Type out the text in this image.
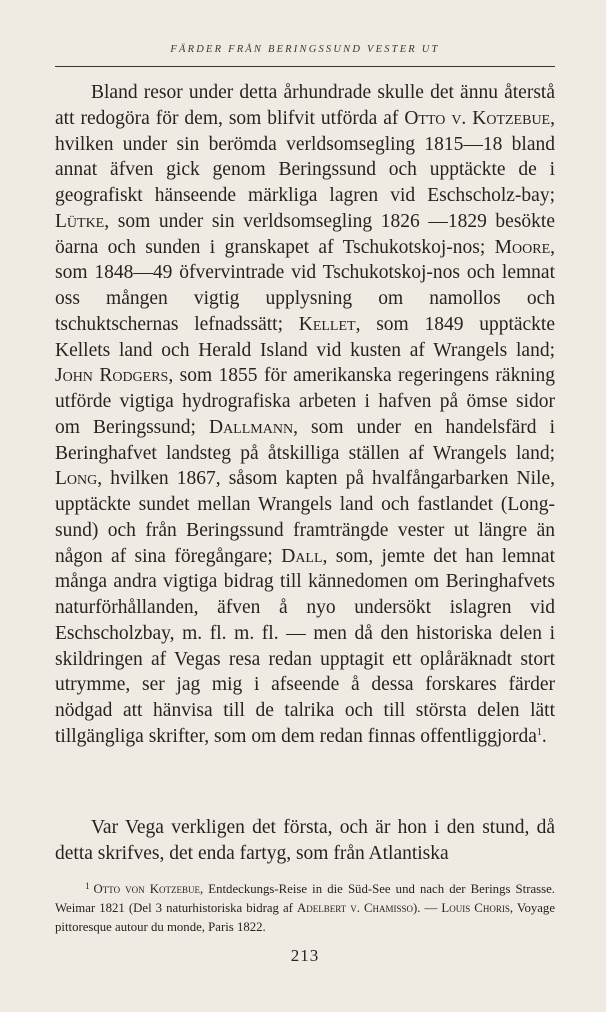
FÄRDER FRÅN BERINGSSUND VESTER UT

Bland resor under detta århundrade skulle det ännu återstå att redogöra för dem, som blifvit utförda af Otto v. Kotzebue, hvilken under sin berömda verldsomsegling 1815—18 bland annat äfven gick genom Beringssund och upptäckte de i geografiskt hänseende märkliga lagren vid Eschscholz-bay; Lütke, som under sin verldsomsegling 1826 —1829 besökte öarna och sunden i granskapet af Tschukotskoj-nos; Moore, som 1848—49 öfvervintrade vid Tschukotskoj-nos och lemnat oss mången vigtig upplysning om namollos och tschuktschernas lefnadssätt; Kellet, som 1849 upptäckte Kellets land och Herald Island vid kusten af Wrangels land; John Rodgers, som 1855 för amerikanska regeringens räkning utförde vigtiga hydrografiska arbeten i hafven på ömse sidor om Beringssund; Dallmann, som under en handelsfärd i Beringhafvet landsteg på åtskilliga ställen af Wrangels land; Long, hvilken 1867, såsom kapten på hvalfångarbarken Nile, upptäckte sundet mellan Wrangels land och fastlandet (Long-sund) och från Beringssund framträngde vester ut längre än någon af sina föregångare; Dall, som, jemte det han lemnat många andra vigtiga bidrag till kännedomen om Beringhafvets naturförhållanden, äfven å nyo undersökt islagren vid Eschscholzbay, m. fl. m. fl. — men då den historiska delen i skildringen af Vegas resa redan upptagit ett oplåräknadt stort utrymme, ser jag mig i afseende å dessa forskares färder nödgad att hänvisa till de talrika och till största delen lätt tillgängliga skrifter, som om dem redan finnas offentliggjorda$^1$.

Var Vega verkligen det första, och är hon i den stund, då detta skrifves, det enda fartyg, som från Atlantiska

$^1$ Otto von Kotzebue, Entdeckungs-Reise in die Süd-See und nach der Berings Strasse. Weimar 1821 (Del 3 naturhistoriska bidrag af Adelbert v. Chamisso). — Louis Choris, Voyage pittoresque autour du monde, Paris 1822.

213
